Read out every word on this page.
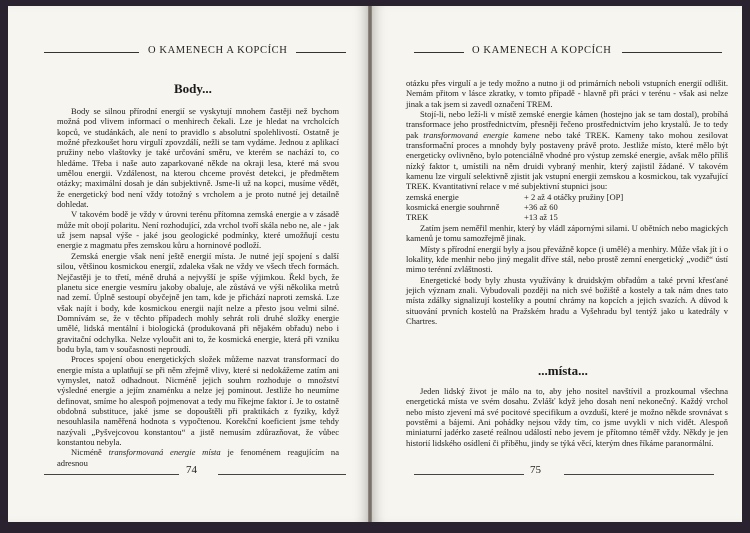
O KAMENECH A KOPCÍCH
Body...

Body se silnou přírodní energií se vyskytují mnohem častěji než bychom možná pod vlivem informací o menhirech čekali. Lze je hledat na vrcholcích kopců, ve studánkách, ale není to pravidlo s absolutní spolehlivostí. Ostatně je možné přezkoušet horu virgulí zpovzdálí, nežli se tam vydáme. Jednou z aplikací pružiny nebo vlaštovky je také určování směru, ve kterém se nachází to, co hledáme. Třeba i naše auto zaparkované někde na okraji lesa, které má svou umělou energii. Vzdálenost, na kterou chceme provést detekci, je předmětem otázky; maximální dosah je dán subjektivně. Jsme-li už na kopci, musíme vědět, že energetický bod není vždy totožný s vrcholem a je proto nutné jej detailně dohledat.

V takovém bodě je vždy v úrovni terénu přítomna zemská energie a v zásadě může mít obojí polaritu. Není rozhodující, zda vrchol tvoří skála nebo ne, ale - jak už jsem napsal výše - jaké jsou geologické podmínky, které umožňují cestu energie z magmatu přes zemskou kůru a horninové podloží.

Zemská energie však není ještě energií místa. Je nutné její spojení s další silou, většinou kosmickou energií, zdaleka však ne vždy ve všech třech formách. Nejčastěji je to třetí, méně druhá a nejvyšší je spíše výjimkou. Řekl bych, že planetu sice energie vesmíru jakoby obaluje, ale zůstává ve výši několika metrů nad zemí. Úplně sestoupí obyčejně jen tam, kde je přichází naproti zemská. Lze však najít i body, kde kosmickou energii najít nelze a přesto jsou velmi silné. Domnívám se, že v těchto případech mohly sehrát roli druhé složky energie umělé, lidská mentální i biologická (produkovaná při nějakém obřadu) nebo i gravitační odchylka. Nelze vyloučit ani to, že kosmická energie, která při vzniku bodu byla, tam v současnosti neproudí.

Proces spojení obou energetických složek můžeme nazvat transformací do energie místa a uplatňují se při něm zřejmě vlivy, které si nedokážeme zatím ani vymyslet, natož odhadnout. Nicméně jejich souhrn rozhoduje o množství výsledné energie a jejím znaménku a nelze jej pominout. Jestliže ho neumíme definovat, smíme ho alespoň pojmenovat a tedy mu říkejme faktor í. Je to ostatně obdobná substituce, jaké jsme se dopouštěli při praktikách z fyziky, když nesouhlasila naměřená hodnota s vypočtenou. Korekční koeficient jsme tehdy nazývali „Pyšvejcovou konstantou“ a jistě nemusím zdůrazňovat, že vůbec konstantou nebyla.

Nicméně transformovaná energie místa je fenoménem reagujícím na adresnou

74
O KAMENECH A KOPCÍCH

otázku přes virgulí a je tedy možno a nutno ji od primárních neboli vstupních energií odlišit. Nemám přitom v lásce zkratky, v tomto případě - hlavně při práci v terénu - však asi nelze jinak a tak jsem si zavedl označení TREM.

Stojí-li, nebo leží-li v místě zemské energie kámen (hostejno jak se tam dostal), probíhá transformace jeho prostřednictvím, přesněji řečeno prostřednictvím jeho krystalů. Je to tedy pak transformovaná energie kamene nebo také TREK. Kameny tako mohou zesilovat transformační proces a mnohdy byly postaveny právě proto. Jestliže místo, které mělo být energeticky ovlivněno, bylo potenciálně vhodné pro výstup zemské energie, avšak mělo příliš nízký faktor t, umístili na něm druidi vybraný menhir, který zajistil žádané. V takovém kamenu lze virgulí selektivně zjistit jak vstupní energii zemskou a kosmickou, tak vyzařující TREK. Kvantitativní relace v mé subjektivní stupnici jsou:

zemská energie	+ 2 až 4 otáčky pružiny [OP]

kosmická energie souhrnně	+36 až 60

TREK	+13 až 15

Zatím jsem neměřil menhir, který by vládl zápornými silami. U obětních nebo magických kamenů je tomu samozřejmě jinak.

Místy s přírodní energií byly a jsou převážně kopce (i umělé) a menhiry. Může však jít i o lokality, kde menhir nebo jiný megalit dříve stál, nebo prostě zemní energetický „vodič“ ústí mimo terénní zvláštnosti.

Energetické body byly zhusta využívány k druidským obřadům a také první křesťané jejich význam znali. Vybudovali později na nich své božiště a kostely a tak nám dnes tato místa zdálky signalizují kostelíky a poutní chrámy na kopcích a jejich svazích. A důvod k situování prvních kostelů na Pražském hradu a Vyšehradu byl tentýž jako u katedrály v Chartres.

...místa...

Jeden lidský život je málo na to, aby jeho nositel navštívil a prozkoumal všechna energetická místa ve svém dosahu. Zvlášť když jeho dosah není nekonečný. Každý vrchol nebo místo zjevení má své pocitové specifikum a ovzduší, které je možno někde srovnávat s povstěmi a bájemi. Ani pohádky nejsou vždy tím, co jsme uvykli v nich vidět. Alespoň miniaturní jadérko zaseté reálnou událostí nebo jevem je přítomno téměř vždy. Někdy je jen historií lidského osídlení či příběhu, jindy se týká věcí, kterým dnes říkáme paranormální.

75
